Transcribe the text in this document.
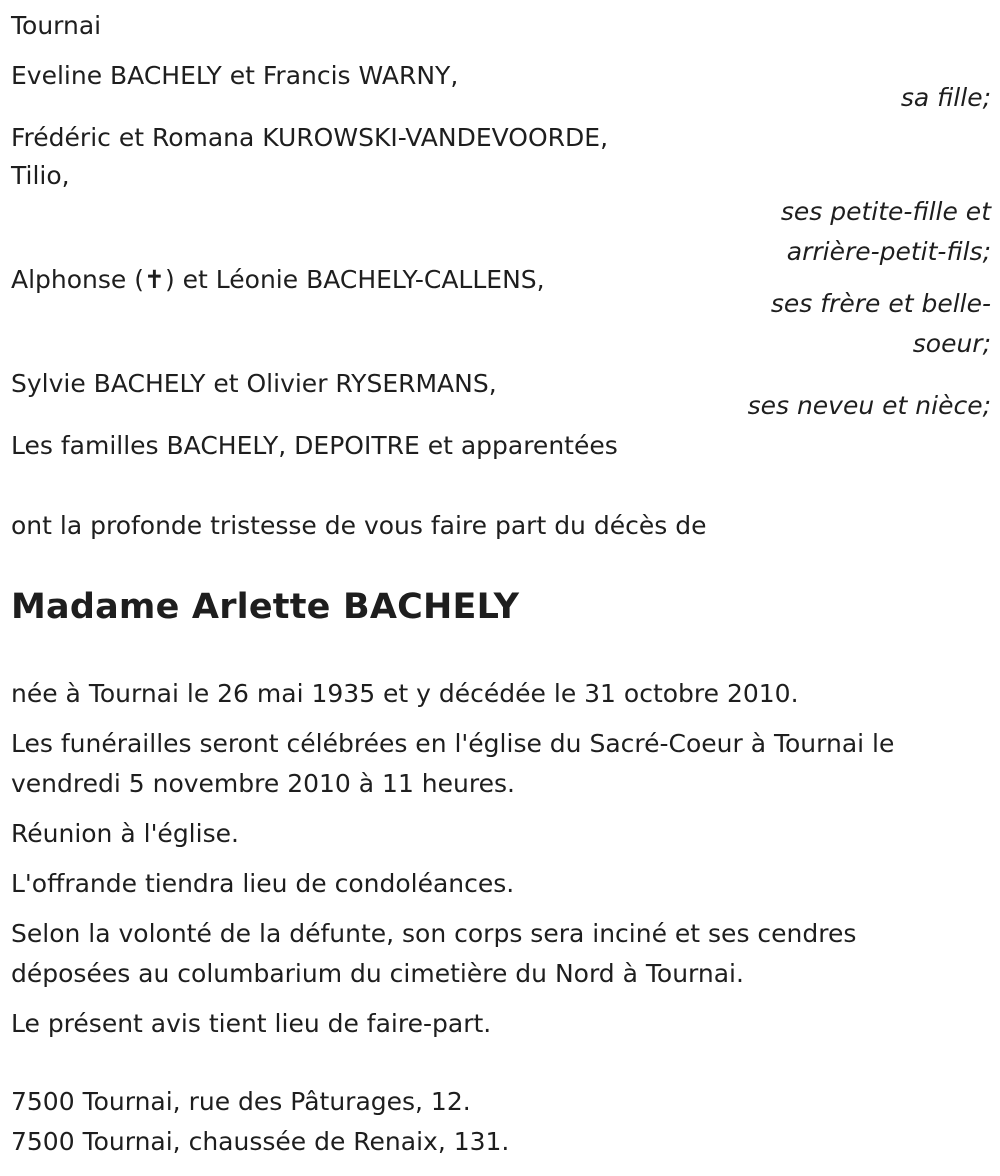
Tournai
Eveline BACHELY et Francis WARNY,
sa fille;
Frédéric et Romana KUROWSKI-VANDEVOORDE,
Tilio,
ses petite-fille et
arrière-petit-fils;
Alphonse (✝) et Léonie BACHELY-CALLENS,
ses frère et belle-
soeur;
Sylvie BACHELY et Olivier RYSERMANS,
ses neveu et nièce;
Les familles BACHELY, DEPOITRE et apparentées
ont la profonde tristesse de vous faire part du décès de
Madame Arlette BACHELY
née à Tournai le 26 mai 1935 et y décédée le 31 octobre 2010.
Les funérailles seront célébrées en l'église du Sacré-Coeur à Tournai le
vendredi 5 novembre 2010 à 11 heures.
Réunion à l'église.
L'offrande tiendra lieu de condoléances.
Selon la volonté de la défunte, son corps sera inciné et ses cendres
déposées au columbarium du cimetière du Nord à Tournai.
Le présent avis tient lieu de faire-part.
7500 Tournai, rue des Pâturages, 12.
7500 Tournai, chaussée de Renaix, 131.
